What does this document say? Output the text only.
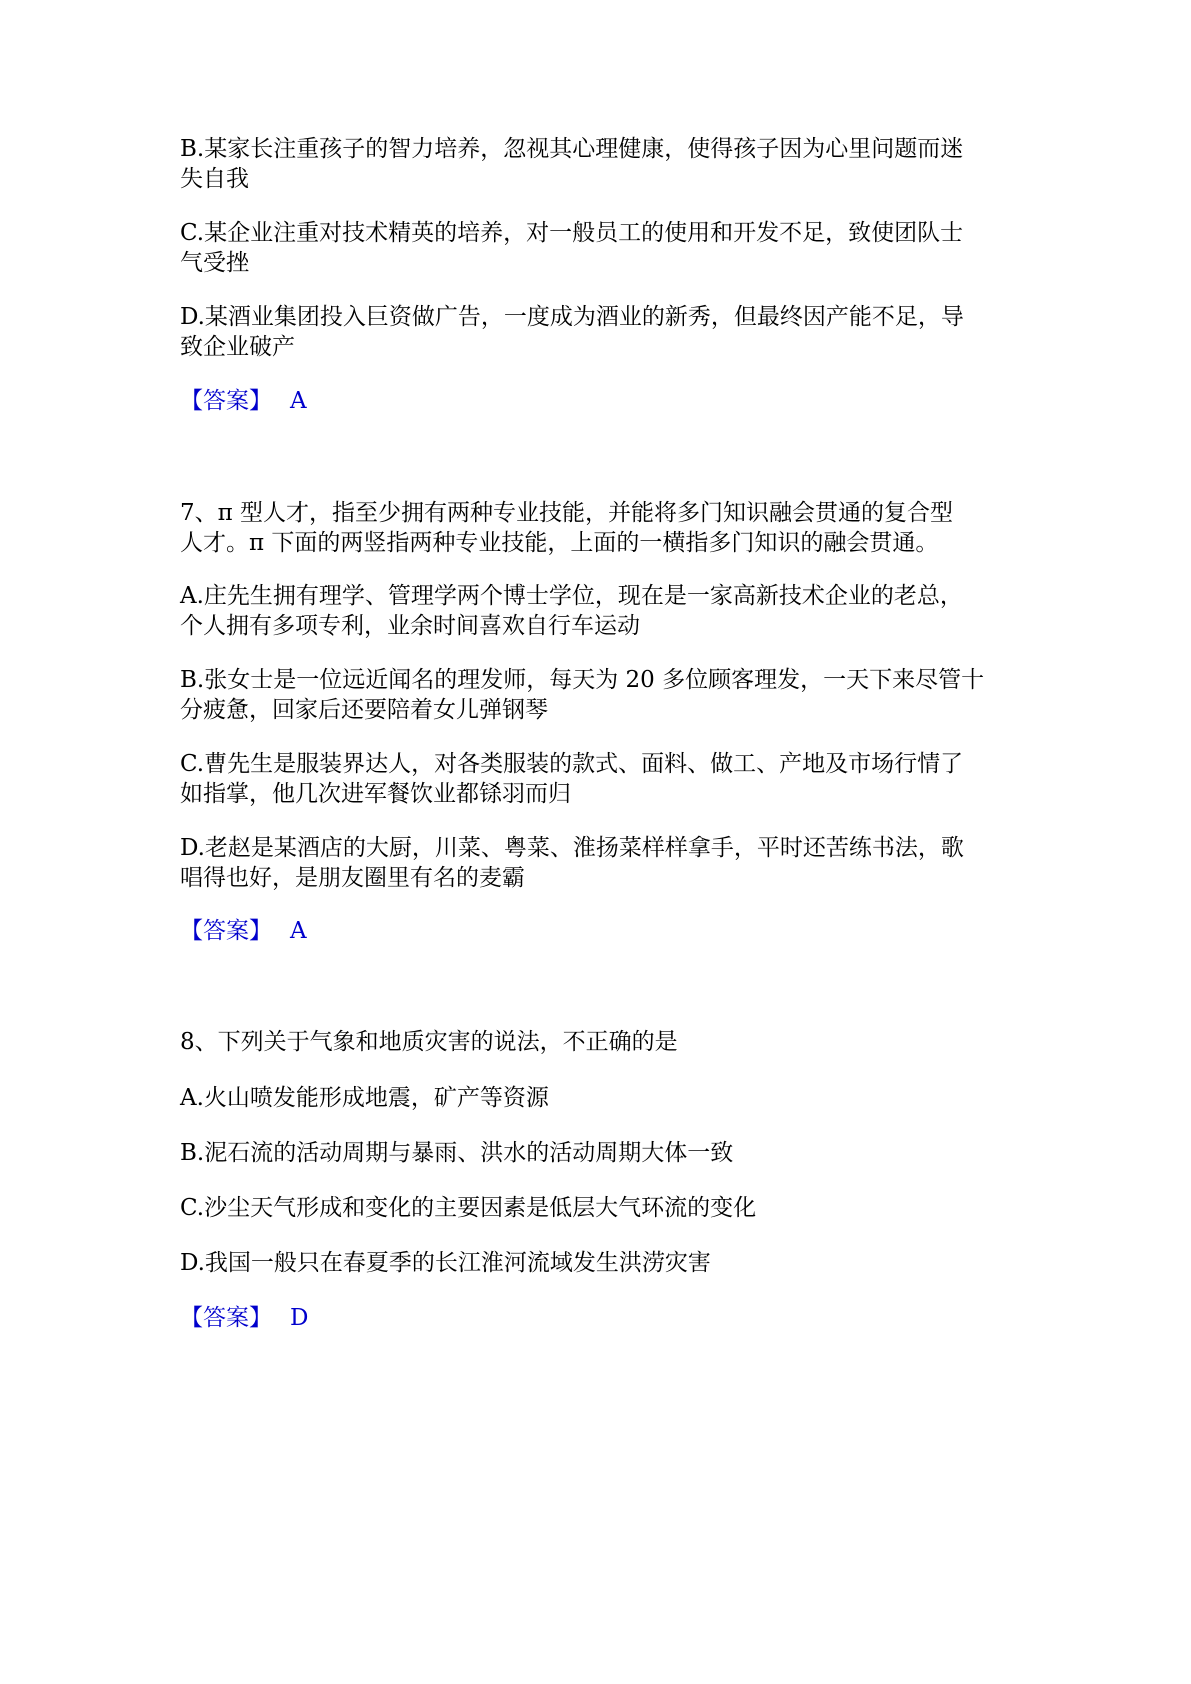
B.某家长注重孩子的智力培养，忽视其心理健康，使得孩子因为心里问题而迷
失自我
C.某企业注重对技术精英的培养，对一般员工的使用和开发不足，致使团队士
气受挫
D.某酒业集团投入巨资做广告，一度成为酒业的新秀，但最终因产能不足，导
致企业破产
【答案】 A
7、π 型人才，指至少拥有两种专业技能，并能将多门知识融会贯通的复合型
人才。π 下面的两竖指两种专业技能，上面的一横指多门知识的融会贯通。
A.庄先生拥有理学、管理学两个博士学位，现在是一家高新技术企业的老总，
个人拥有多项专利，业余时间喜欢自行车运动
B.张女士是一位远近闻名的理发师，每天为 20 多位顾客理发，一天下来尽管十
分疲惫，回家后还要陪着女儿弹钢琴
C.曹先生是服装界达人，对各类服装的款式、面料、做工、产地及市场行情了
如指掌，他几次进军餐饮业都铩羽而归
D.老赵是某酒店的大厨，川菜、粤菜、淮扬菜样样拿手，平时还苦练书法，歌
唱得也好，是朋友圈里有名的麦霸
【答案】 A
8、下列关于气象和地质灾害的说法，不正确的是
A.火山喷发能形成地震，矿产等资源
B.泥石流的活动周期与暴雨、洪水的活动周期大体一致
C.沙尘天气形成和变化的主要因素是低层大气环流的变化
D.我国一般只在春夏季的长江淮河流域发生洪涝灾害
【答案】 D
